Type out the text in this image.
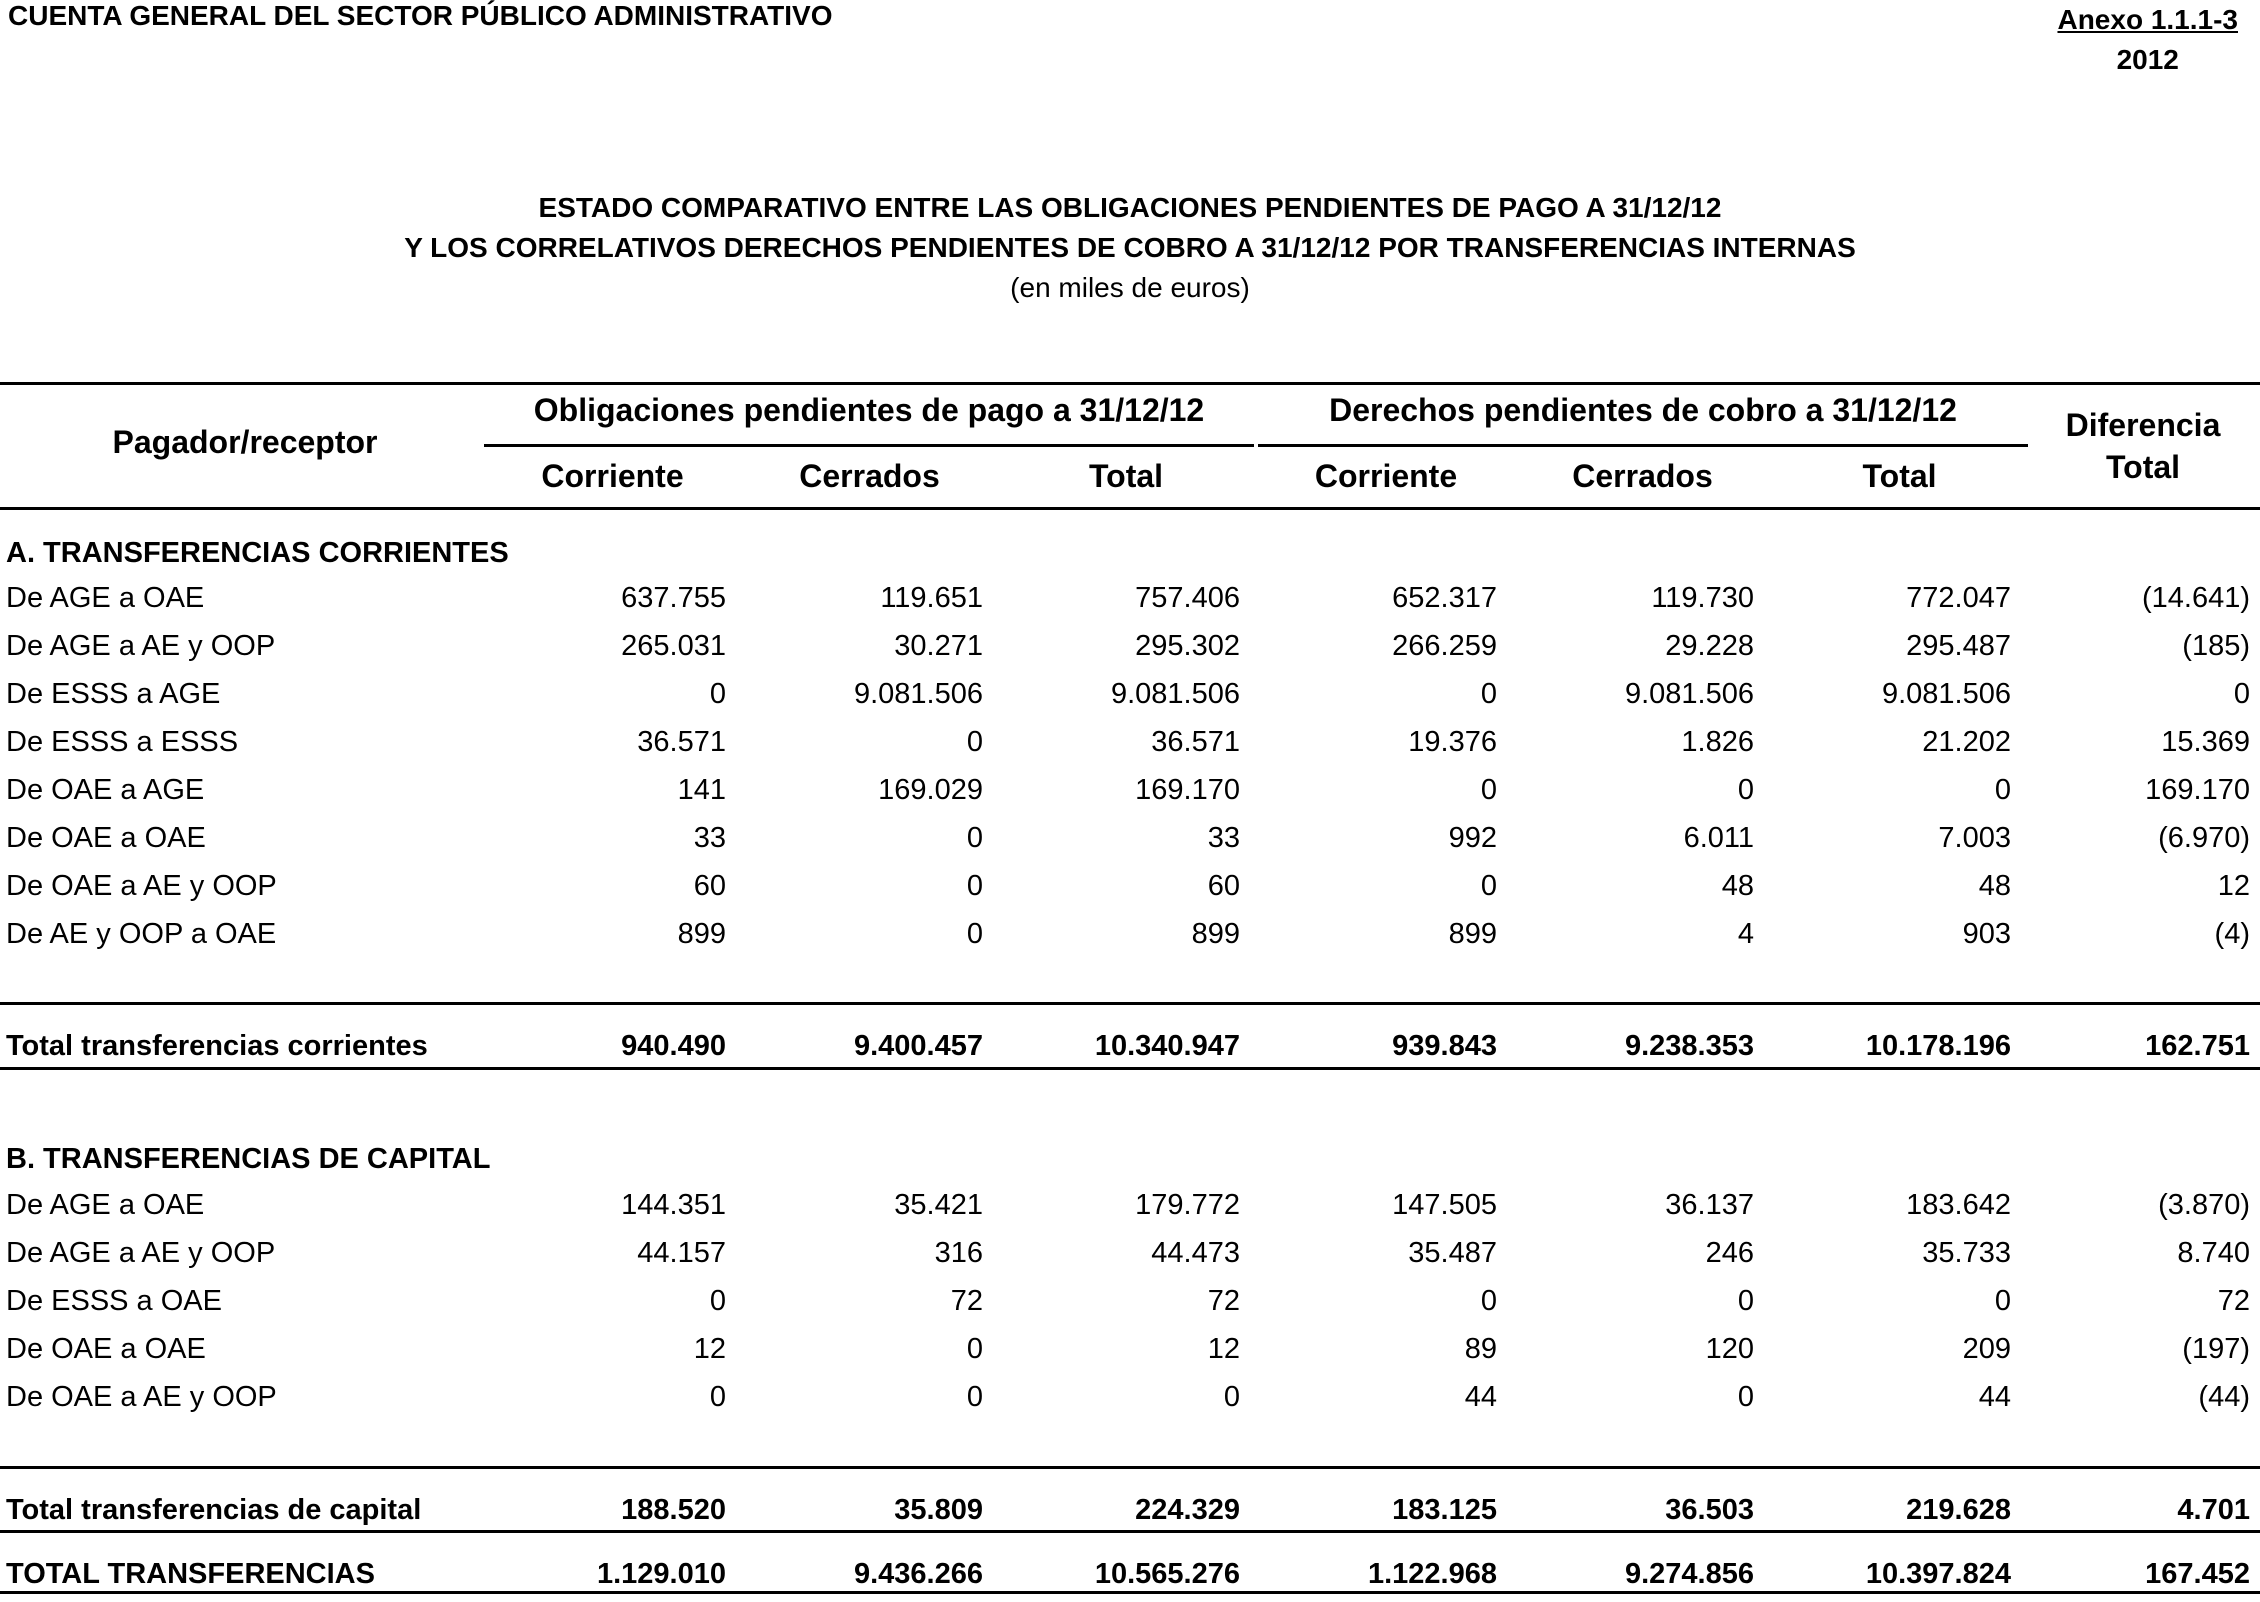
CUENTA GENERAL DEL SECTOR PÚBLICO ADMINISTRATIVO	Anexo 1.1.1-3
2012
ESTADO COMPARATIVO ENTRE LAS OBLIGACIONES PENDIENTES DE PAGO A 31/12/12
Y LOS CORRELATIVOS DERECHOS PENDIENTES DE COBRO A 31/12/12 POR TRANSFERENCIAS INTERNAS
(en miles de euros)
Pagador/receptor
Obligaciones pendientes de pago a 31/12/12	Derechos pendientes de cobro a 31/12/12	Diferencia
Total
Corriente	Cerrados	Total	Corriente	Cerrados	Total
A. TRANSFERENCIAS CORRIENTES
De AGE a OAE	637.755	119.651	757.406	652.317	119.730	772.047	(14.641)
De AGE a AE y OOP	265.031	30.271	295.302	266.259	29.228	295.487	(185)
De ESSS a AGE	0	9.081.506	9.081.506	0	9.081.506	9.081.506	0
De ESSS a ESSS	36.571	0	36.571	19.376	1.826	21.202	15.369
De OAE a AGE	141	169.029	169.170	0	0	0	169.170
De OAE a OAE	33	0	33	992	6.011	7.003	(6.970)
De OAE a AE y OOP	60	0	60	0	48	48	12
De AE y OOP a OAE	899	0	899	899	4	903	(4)
Total transferencias corrientes	940.490	9.400.457	10.340.947	939.843	9.238.353	10.178.196	162.751
B. TRANSFERENCIAS DE CAPITAL
De AGE a OAE	144.351	35.421	179.772	147.505	36.137	183.642	(3.870)
De AGE a AE y OOP	44.157	316	44.473	35.487	246	35.733	8.740
De ESSS a OAE	0	72	72	0	0	0	72
De OAE a OAE	12	0	12	89	120	209	(197)
De OAE a AE y OOP	0	0	0	44	0	44	(44)
Total transferencias de capital	188.520	35.809	224.329	183.125	36.503	219.628	4.701
TOTAL TRANSFERENCIAS	1.129.010	9.436.266	10.565.276	1.122.968	9.274.856	10.397.824	167.452
